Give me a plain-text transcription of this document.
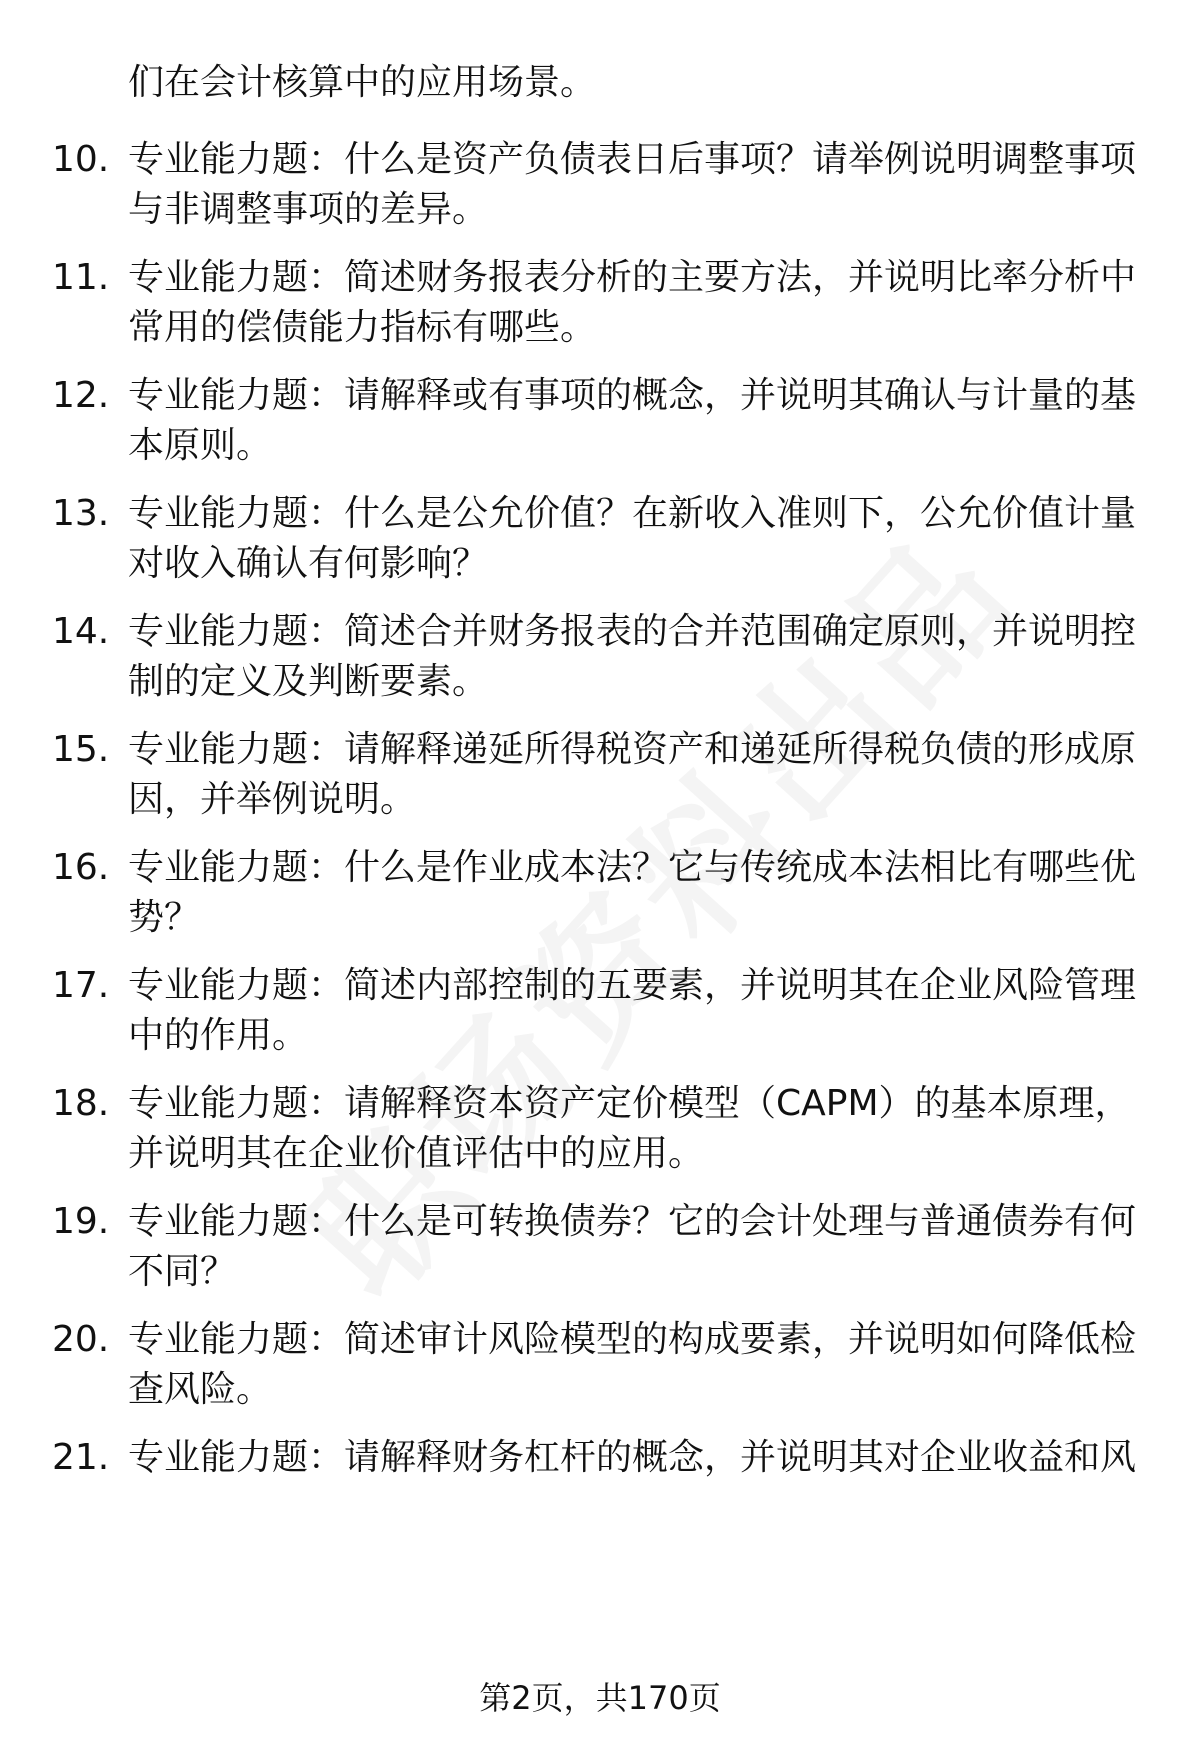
们在会计核算中的应用场景。

10. 专业能力题：什么是资产负债表日后事项？请举例说明调整事项与非调整事项的差异。

11. 专业能力题：简述财务报表分析的主要方法，并说明比率分析中常用的偿债能力指标有哪些。

12. 专业能力题：请解释或有事项的概念，并说明其确认与计量的基本原则。

13. 专业能力题：什么是公允价值？在新收入准则下，公允价值计量对收入确认有何影响？

14. 专业能力题：简述合并财务报表的合并范围确定原则，并说明控制的定义及判断要素。

15. 专业能力题：请解释递延所得税资产和递延所得税负债的形成原因，并举例说明。

16. 专业能力题：什么是作业成本法？它与传统成本法相比有哪些优势？

17. 专业能力题：简述内部控制的五要素，并说明其在企业风险管理中的作用。

18. 专业能力题：请解释资本资产定价模型（CAPM）的基本原理，并说明其在企业价值评估中的应用。

19. 专业能力题：什么是可转换债券？它的会计处理与普通债券有何不同？

20. 专业能力题：简述审计风险模型的构成要素，并说明如何降低检查风险。

21. 专业能力题：请解释财务杠杆的概念，并说明其对企业收益和风

第2页，共170页
